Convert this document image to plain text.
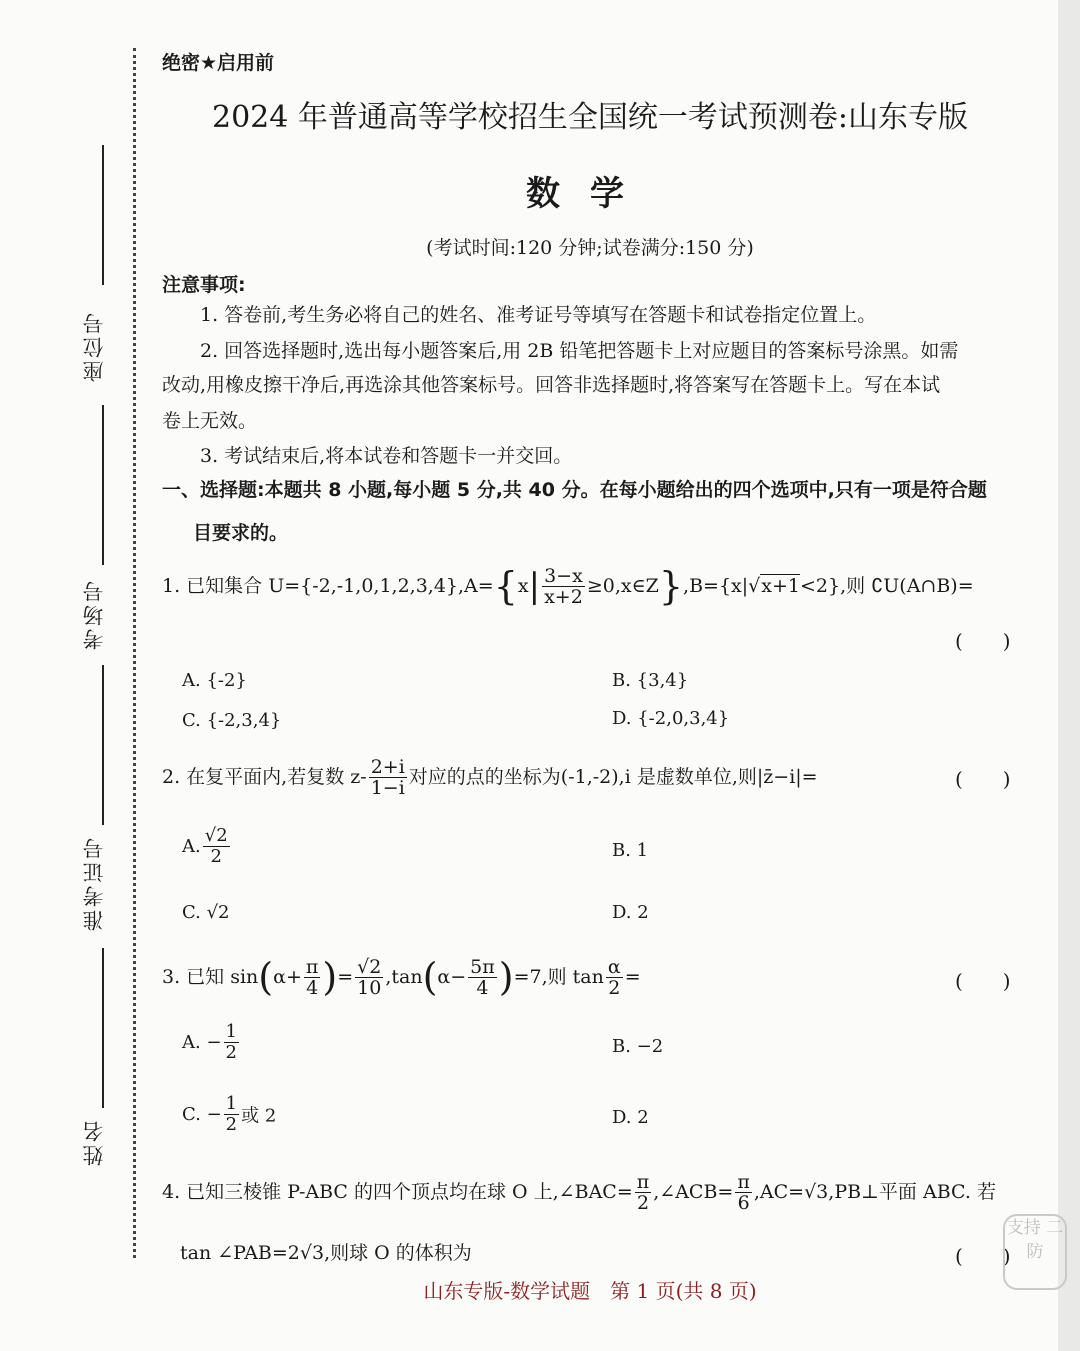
座位号
考场号
准考证号
姓名
绝密★启用前
2024 年普通高等学校招生全国统一考试预测卷:山东专版
数学
(考试时间:120 分钟;试卷满分:150 分)
注意事项:
1. 答卷前,考生务必将自己的姓名、准考证号等填写在答题卡和试卷指定位置上。
2. 回答选择题时,选出每小题答案后,用 2B 铅笔把答题卡上对应题目的答案标号涂黑。如需
改动,用橡皮擦干净后,再选涂其他答案标号。回答非选择题时,将答案写在答题卡上。写在本试
卷上无效。
3. 考试结束后,将本试卷和答题卡一并交回。
一、选择题:本题共 8 小题,每小题 5 分,共 40 分。在每小题给出的四个选项中,只有一项是符合题
目要求的。
1. 已知集合 $U=\{-2,-1,0,1,2,3,4\},A=\{x| \frac{3-x}{x+2}$ ≥0,x∈Z},B={x|√x+1<2},则 ∁U(A∩B)=
(　　)
A. {-2}	B. {3,4}
C. {-2,3,4}	D. {-2,0,3,4}
2. 在复平面内,若复数 $z- \frac{2+i}{1-i}$ 对应的点的坐标为(-1,-2),i 是虚数单位,则|z̄−i|=	(　　)
A. $\frac{√2}{2}$	B. 1
C. √2	D. 2
3. 已知 $\sin(\alpha+ \frac{\pi}{4}$ )= $\frac{√2}{10} ,\tan(\alpha- \frac{5\pi}{4} )=7$,则 $\tan \frac{\alpha}{2}$ =	(　　)
A. − $\frac{1}{2}$	B. −2
C. − $\frac{1}{2}$ 或 2	D. 2
4. 已知三棱锥 P-ABC 的四个顶点均在球 O 上,∠BAC= $\frac{\pi}{2}$ ,∠ACB= $\frac{\pi}{6}$ ,AC=√3,PB⊥平面 ABC. 若
tan ∠PAB=2√3,则球 O 的体积为	(　　)
山东专版-数学试题　第 1 页(共 8 页)
支持 二防
